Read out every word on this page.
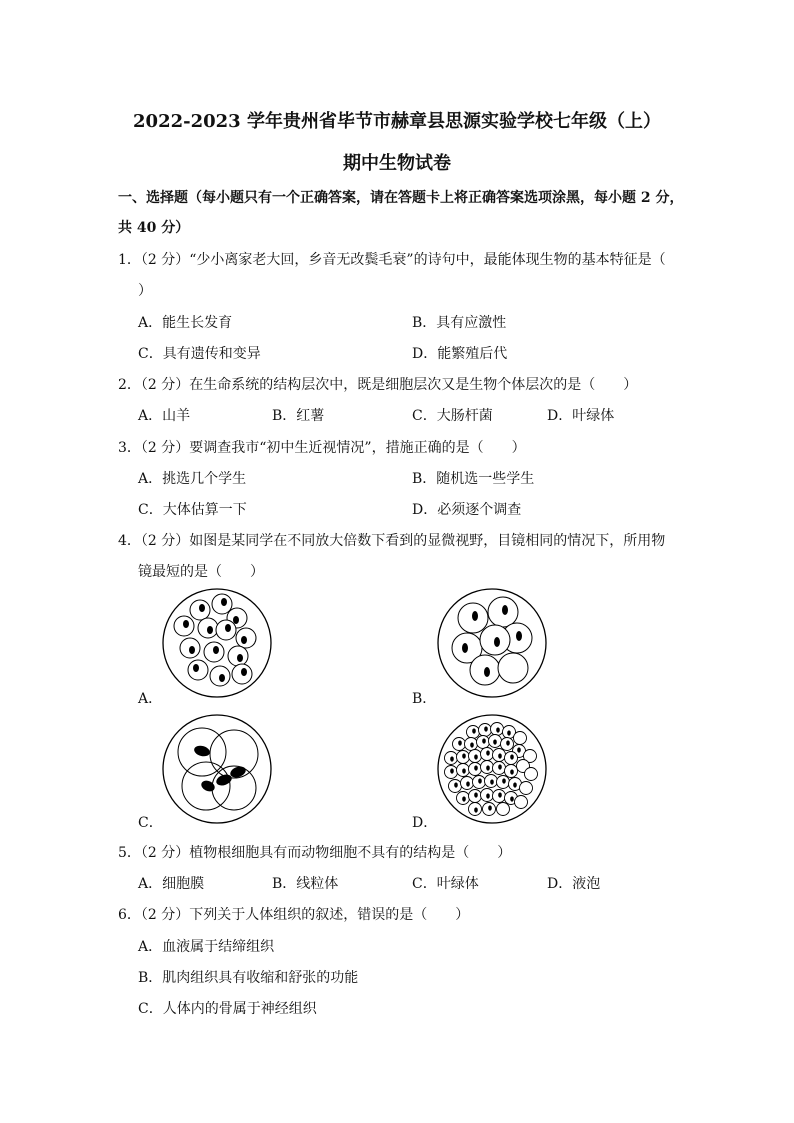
2022-2023 学年贵州省毕节市赫章县思源实验学校七年级（上）
期中生物试卷
一、选择题（每小题只有一个正确答案，请在答题卡上将正确答案选项涂黑，每小题 2 分，
共 40 分）
1．（2 分）“少小离家老大回，乡音无改鬓毛衰”的诗句中，最能体现生物的基本特征是（
）
A．能生长发育	B．具有应激性
C．具有遗传和变异	D．能繁殖后代
2．（2 分）在生命系统的结构层次中，既是细胞层次又是生物个体层次的是（　　）
A．山羊	B．红薯	C．大肠杆菌	D．叶绿体
3．（2 分）要调查我市“初中生近视情况”，措施正确的是（　　）
A．挑选几个学生	B．随机选一些学生
C．大体估算一下	D．必须逐个调查
4．（2 分）如图是某同学在不同放大倍数下看到的显微视野，目镜相同的情况下，所用物
镜最短的是（　　）
A．	B．
C．	D．
5．（2 分）植物根细胞具有而动物细胞不具有的结构是（　　）
A．细胞膜	B．线粒体	C．叶绿体	D．液泡
6．（2 分）下列关于人体组织的叙述，错误的是（　　）
A．血液属于结缔组织
B．肌肉组织具有收缩和舒张的功能
C．人体内的骨属于神经组织
